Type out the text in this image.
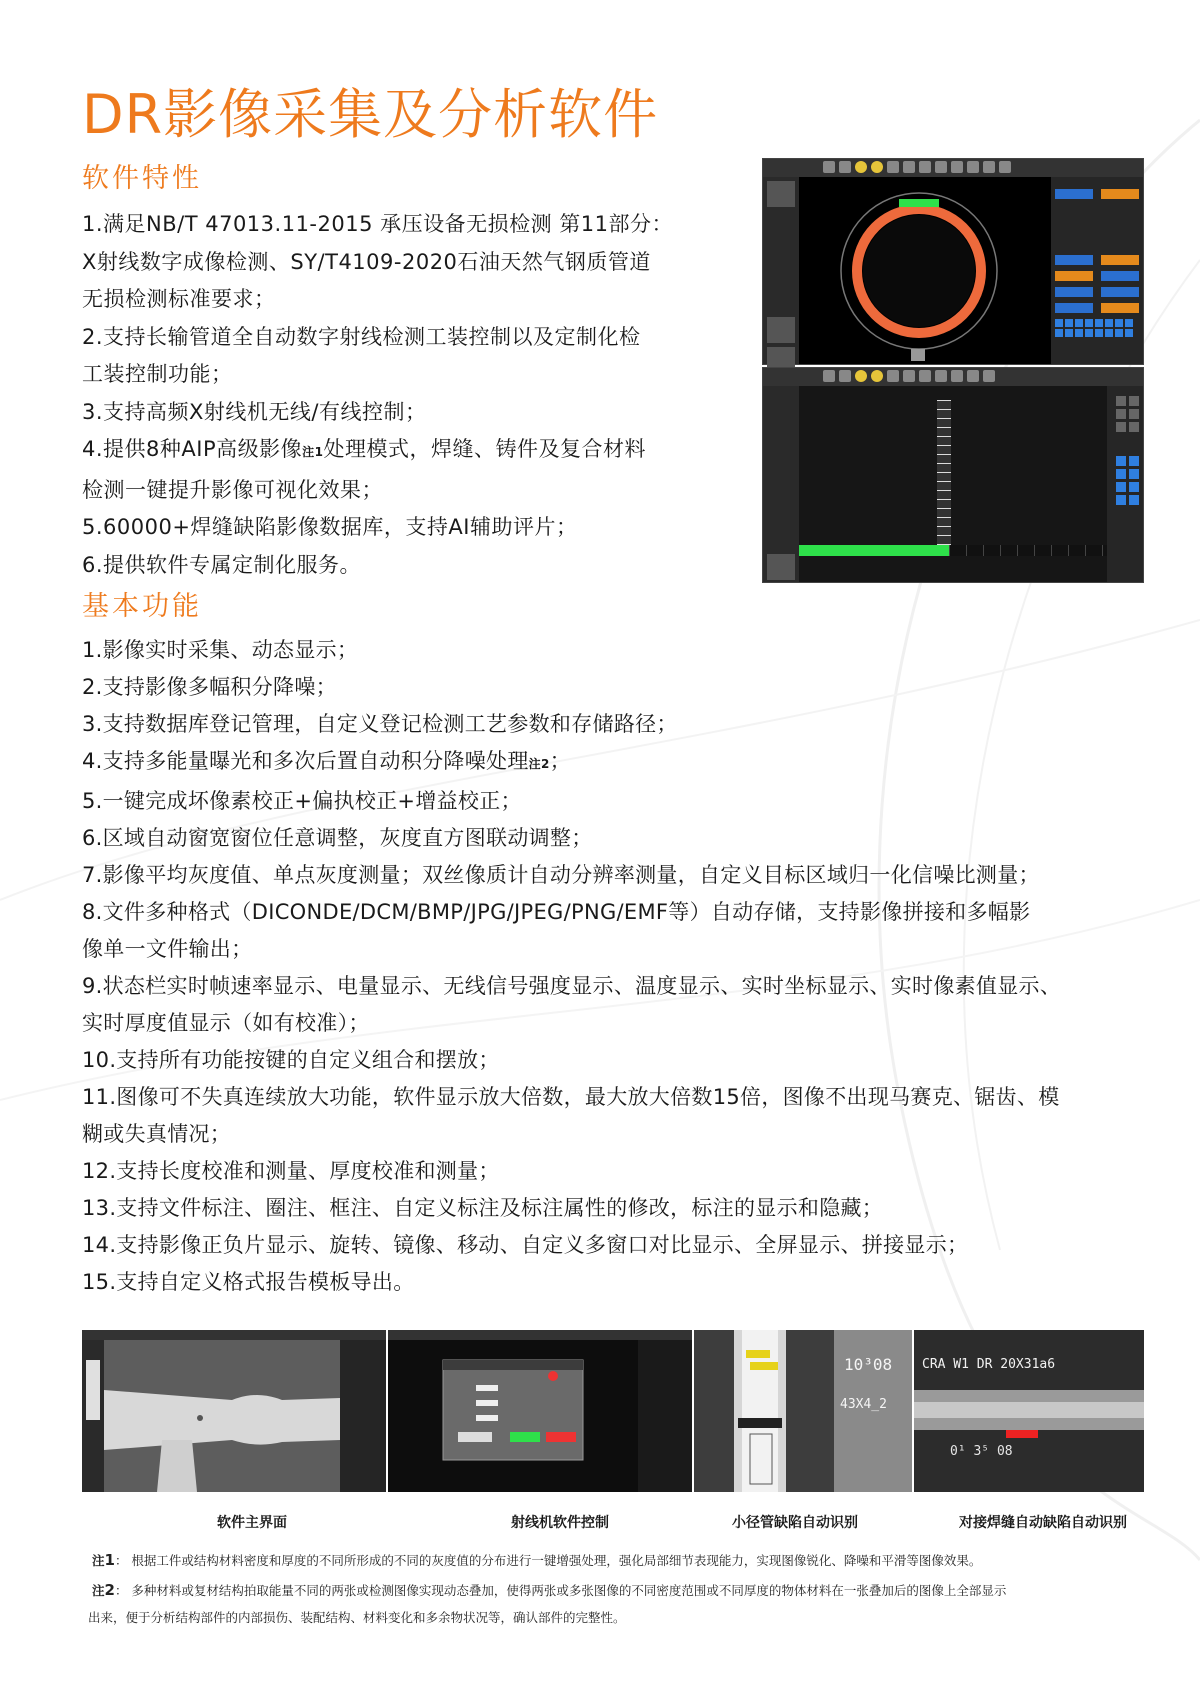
DR影像采集及分析软件
软件特性
1.满足NB/T 47013.11-2015 承压设备无损检测 第11部分：
X射线数字成像检测、SY/T4109-2020石油天然气钢质管道
无损检测标准要求；
2.支持长输管道全自动数字射线检测工装控制以及定制化检
工装控制功能；
3.支持高频X射线机无线/有线控制；
4.提供8种AIP高级影像注1处理模式，焊缝、铸件及复合材料
检测一键提升影像可视化效果；
5.60000+焊缝缺陷影像数据库，支持AI辅助评片；
6.提供软件专属定制化服务。
基本功能
1.影像实时采集、动态显示；
2.支持影像多幅积分降噪；
3.支持数据库登记管理，自定义登记检测工艺参数和存储路径；
4.支持多能量曝光和多次后置自动积分降噪处理注2；
5.一键完成坏像素校正+偏执校正+增益校正；
6.区域自动窗宽窗位任意调整，灰度直方图联动调整；
7.影像平均灰度值、单点灰度测量；双丝像质计自动分辨率测量，自定义目标区域归一化信噪比测量；
8.文件多种格式（DICONDE/DCM/BMP/JPG/JPEG/PNG/EMF等）自动存储，支持影像拼接和多幅影
像单一文件输出；
9.状态栏实时帧速率显示、电量显示、无线信号强度显示、温度显示、实时坐标显示、实时像素值显示、
实时厚度值显示（如有校准）；
10.支持所有功能按键的自定义组合和摆放；
11.图像可不失真连续放大功能，软件显示放大倍数，最大放大倍数15倍，图像不出现马赛克、锯齿、模
糊或失真情况；
12.支持长度校准和测量、厚度校准和测量；
13.支持文件标注、圈注、框注、自定义标注及标注属性的修改，标注的显示和隐藏；
14.支持影像正负片显示、旋转、镜像、移动、自定义多窗口对比显示、全屏显示、拼接显示；
15.支持自定义格式报告模板导出。
10³08
43X4_2
CRA W1 DR 20X31a6
0¹ 3⁵ 08

软件主界面	射线机软件控制	小径管缺陷自动识别	对接焊缝自动缺陷自动识别

注1： 根据工件或结构材料密度和厚度的不同所形成的不同的灰度值的分布进行一键增强处理，强化局部细节表现能力，实现图像锐化、降噪和平滑等图像效果。

注2： 多种材料或复材结构拍取能量不同的两张或检测图像实现动态叠加，使得两张或多张图像的不同密度范围或不同厚度的物体材料在一张叠加后的图像上全部显示

出来，便于分析结构部件的内部损伤、装配结构、材料变化和多余物状况等，确认部件的完整性。
